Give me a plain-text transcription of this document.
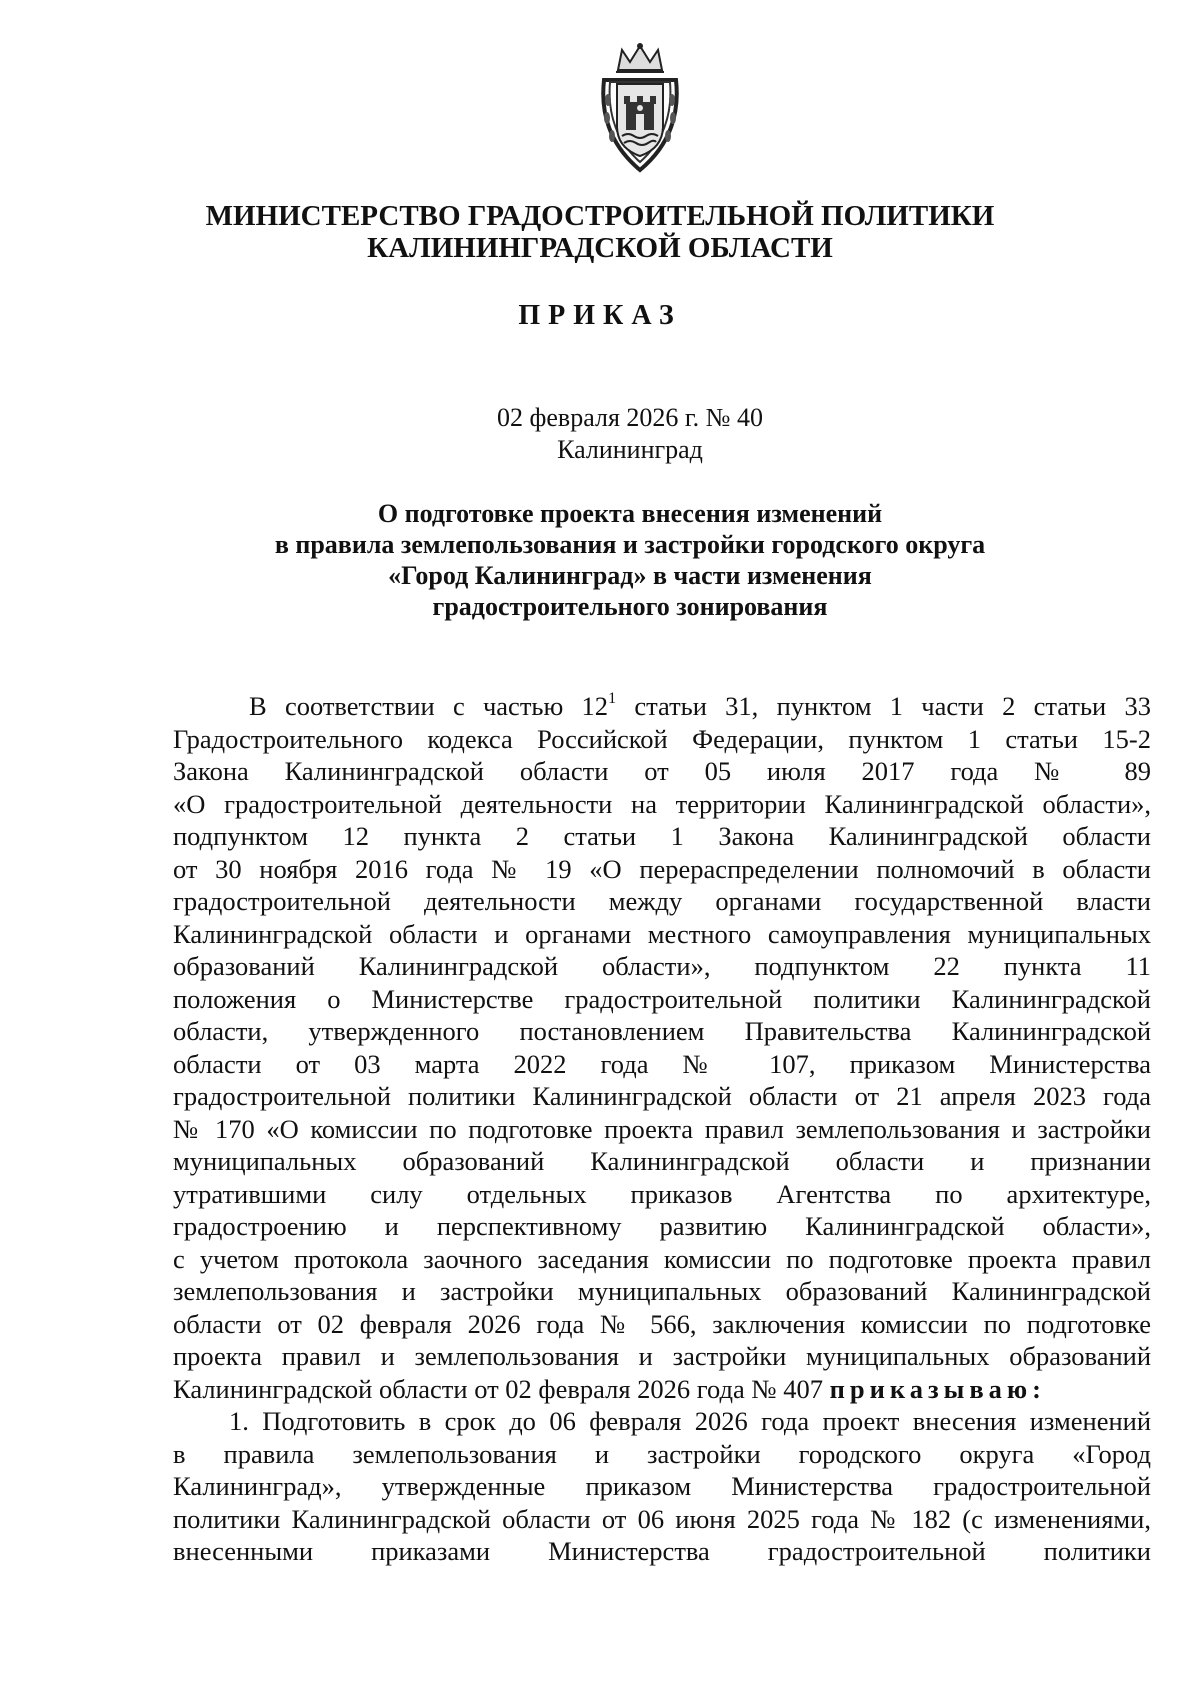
МИНИСТЕРСТВО ГРАДОСТРОИТЕЛЬНОЙ ПОЛИТИКИ
КАЛИНИНГРАДСКОЙ ОБЛАСТИ
ПРИКАЗ
02 февраля 2026 г. № 40
Калининград
О подготовке проекта внесения изменений
в правила землепользования и застройки городского округа
«Город Калининград» в части изменения
градостроительного зонирования
В соответствии с частью $12^1$ статьи 31, пунктом 1 части 2 статьи 33
Градостроительного кодекса Российской Федерации, пунктом 1 статьи 15-2
Закона Калининградской области от 05 июля 2017 года № 89
«О градостроительной деятельности на территории Калининградской области»,
подпунктом 12 пункта 2 статьи 1 Закона Калининградской области
от 30 ноября 2016 года № 19 «О перераспределении полномочий в области
градостроительной деятельности между органами государственной власти
Калининградской области и органами местного самоуправления муниципальных
образований Калининградской области», подпунктом 22 пункта 11
положения о Министерстве градостроительной политики Калининградской
области, утвержденного постановлением Правительства Калининградской
области от 03 марта 2022 года № 107, приказом Министерства
градостроительной политики Калининградской области от 21 апреля 2023 года
№ 170 «О комиссии по подготовке проекта правил землепользования и застройки
муниципальных образований Калининградской области и признании
утратившими силу отдельных приказов Агентства по архитектуре,
градостроению и перспективному развитию Калининградской области»,
с учетом протокола заочного заседания комиссии по подготовке проекта правил
землепользования и застройки муниципальных образований Калининградской
области от 02 февраля 2026 года № 566, заключения комиссии по подготовке
проекта правил и землепользования и застройки муниципальных образований
Калининградской области от 02 февраля 2026 года № 407 приказываю:
1. Подготовить в срок до 06 февраля 2026 года проект внесения изменений
в правила землепользования и застройки городского округа «Город
Калининград», утвержденные приказом Министерства градостроительной
политики Калининградской области от 06 июня 2025 года № 182 (с изменениями,
внесенными приказами Министерства градостроительной политики
